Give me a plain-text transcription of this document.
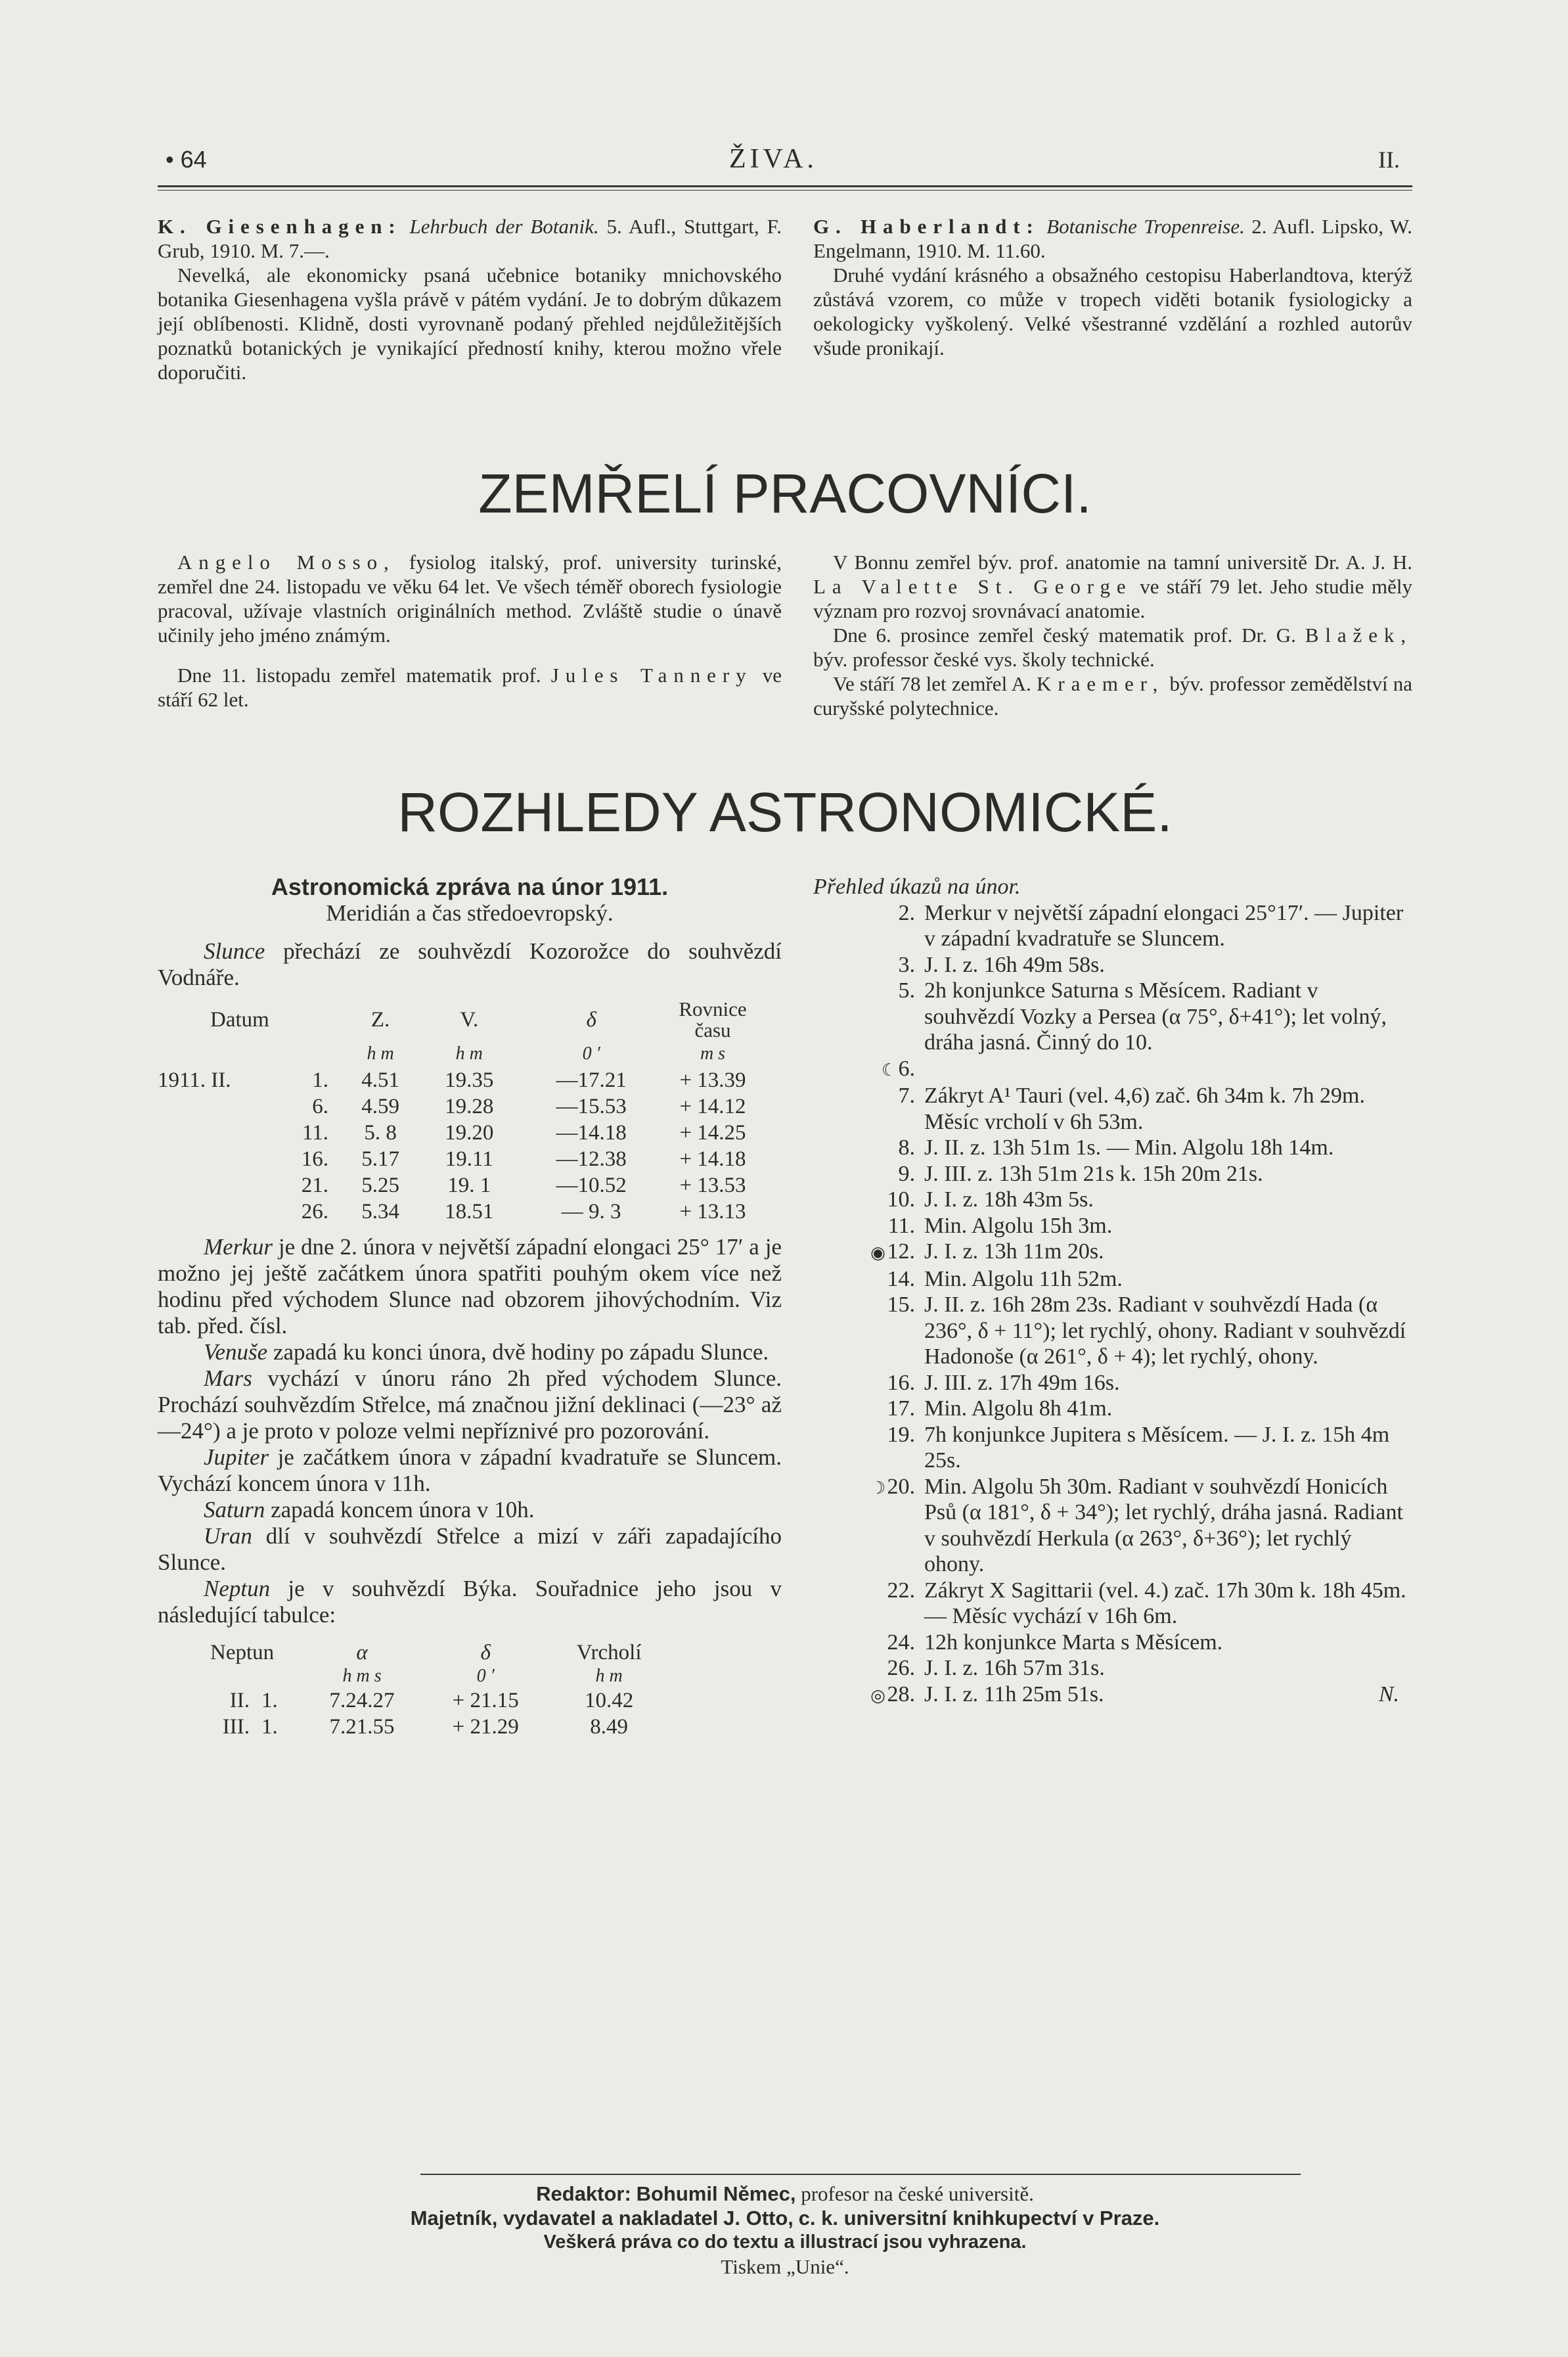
• 64	ŽIVA.	II.

K. Giesenhagen: Lehrbuch der Botanik. 5. Aufl., Stuttgart, F. Grub, 1910. M. 7.—.

Nevelká, ale ekonomicky psaná učebnice botaniky mnichovského botanika Giesenhagena vyšla právě v pátém vydání. Je to dobrým důkazem její oblíbenosti. Klidně, dosti vyrovnaně podaný přehled nejdůležitějších poznatků botanických je vynikající předností knihy, kterou možno vřele doporučiti.

G. Haberlandt: Botanische Tropenreise. 2. Aufl. Lipsko, W. Engelmann, 1910. M. 11.60.

Druhé vydání krásného a obsažného cestopisu Haberlandtova, kterýž zůstává vzorem, co může v tropech viděti botanik fysiologicky a oekologicky vyškolený. Velké všestranné vzdělání a rozhled autorův všude pronikají.

ZEMŘELÍ PRACOVNÍCI.

Angelo Mosso, fysiolog italský, prof. university turinské, zemřel dne 24. listopadu ve věku 64 let. Ve všech téměř oborech fysiologie pracoval, užívaje vlastních originálních method. Zvláště studie o únavě učinily jeho jméno známým.

Dne 11. listopadu zemřel matematik prof. Jules Tannery ve stáří 62 let.

V Bonnu zemřel býv. prof. anatomie na tamní universitě Dr. A. J. H. La Valette St. George ve stáří 79 let. Jeho studie měly význam pro rozvoj srovnávací anatomie.

Dne 6. prosince zemřel český matematik prof. Dr. G. Blažek, býv. professor české vys. školy technické.

Ve stáří 78 let zemřel A. Kraemer, býv. professor zemědělství na curyšské polytechnice.

ROZHLEDY ASTRONOMICKÉ.

Astronomická zpráva na únor 1911.

Meridián a čas středoevropský.

Slunce přechází ze souhvězdí Kozorožce do souhvězdí Vodnáře.

Datum		Z.	V.	δ	Rovnice času
		h m	h m	0 ′	m s
1911. II.	1.	4.51	19.35	—17.21	+ 13.39
	6.	4.59	19.28	—15.53	+ 14.12
	11.	5. 8	19.20	—14.18	+ 14.25
	16.	5.17	19.11	—12.38	+ 14.18
	21.	5.25	19. 1	—10.52	+ 13.53
	26.	5.34	18.51	— 9. 3	+ 13.13

Merkur je dne 2. února v největší západní elongaci 25° 17′ a je možno jej ještě začátkem února spatřiti pouhým okem více než hodinu před východem Slunce nad obzorem jihovýchodním. Viz tab. před. čísl.

Venuše zapadá ku konci února, dvě hodiny po západu Slunce.

Mars vychází v únoru ráno 2h před východem Slunce. Prochází souhvězdím Střelce, má značnou jižní deklinaci (—23° až —24°) a je proto v poloze velmi nepříznivé pro pozorování.

Jupiter je začátkem února v západní kvadratuře se Sluncem. Vychází koncem února v 11h.

Saturn zapadá koncem února v 10h.

Uran dlí v souhvězdí Střelce a mizí v záři zapadajícího Slunce.

Neptun je v souhvězdí Býka. Souřadnice jeho jsou v následující tabulce:

Neptun		α	δ	Vrcholí
		h m s	0 ′	h m
II.	1.	7.24.27	+ 21.15	10.42
III.	1.	7.21.55	+ 21.29	8.49

Přehled úkazů na únor.

2. Merkur v největší západní elongaci 25°17′. — Jupiter v západní kvadratuře se Sluncem.
3. J. I. z. 16h 49m 58s.
5. 2h konjunkce Saturna s Měsícem. Radiant v souhvězdí Vozky a Persea (α 75°, δ+41°); let volný, dráha jasná. Činný do 10.
☾6.
7. Zákryt A¹ Tauri (vel. 4,6) zač. 6h 34m k. 7h 29m. Měsíc vrcholí v 6h 53m.
8. J. II. z. 13h 51m 1s. — Min. Algolu 18h 14m.
9. J. III. z. 13h 51m 21s k. 15h 20m 21s.
10. J. I. z. 18h 43m 5s.
11. Min. Algolu 15h 3m.
◉12. J. I. z. 13h 11m 20s.
14. Min. Algolu 11h 52m.
15. J. II. z. 16h 28m 23s. Radiant v souhvězdí Hada (α 236°, δ + 11°); let rychlý, ohony. Radiant v souhvězdí Hadonoše (α 261°, δ + 4); let rychlý, ohony.
16. J. III. z. 17h 49m 16s.
17. Min. Algolu 8h 41m.
19. 7h konjunkce Jupitera s Měsícem. — J. I. z. 15h 4m 25s.
☽20. Min. Algolu 5h 30m. Radiant v souhvězdí Honicích Psů (α 181°, δ + 34°); let rychlý, dráha jasná. Radiant v souhvězdí Herkula (α 263°, δ+36°); let rychlý ohony.
22. Zákryt X Sagittarii (vel. 4.) zač. 17h 30m k. 18h 45m. — Měsíc vychází v 16h 6m.
24. 12h konjunkce Marta s Měsícem.
26. J. I. z. 16h 57m 31s.
◎28. J. I. z. 11h 25m 51s.	N.
Redaktor: Bohumil Němec, profesor na české universitě.
Majetník, vydavatel a nakladatel J. Otto, c. k. universitní knihkupectví v Praze.
Veškerá práva co do textu a illustrací jsou vyhrazena.
Tiskem „Unie“.
